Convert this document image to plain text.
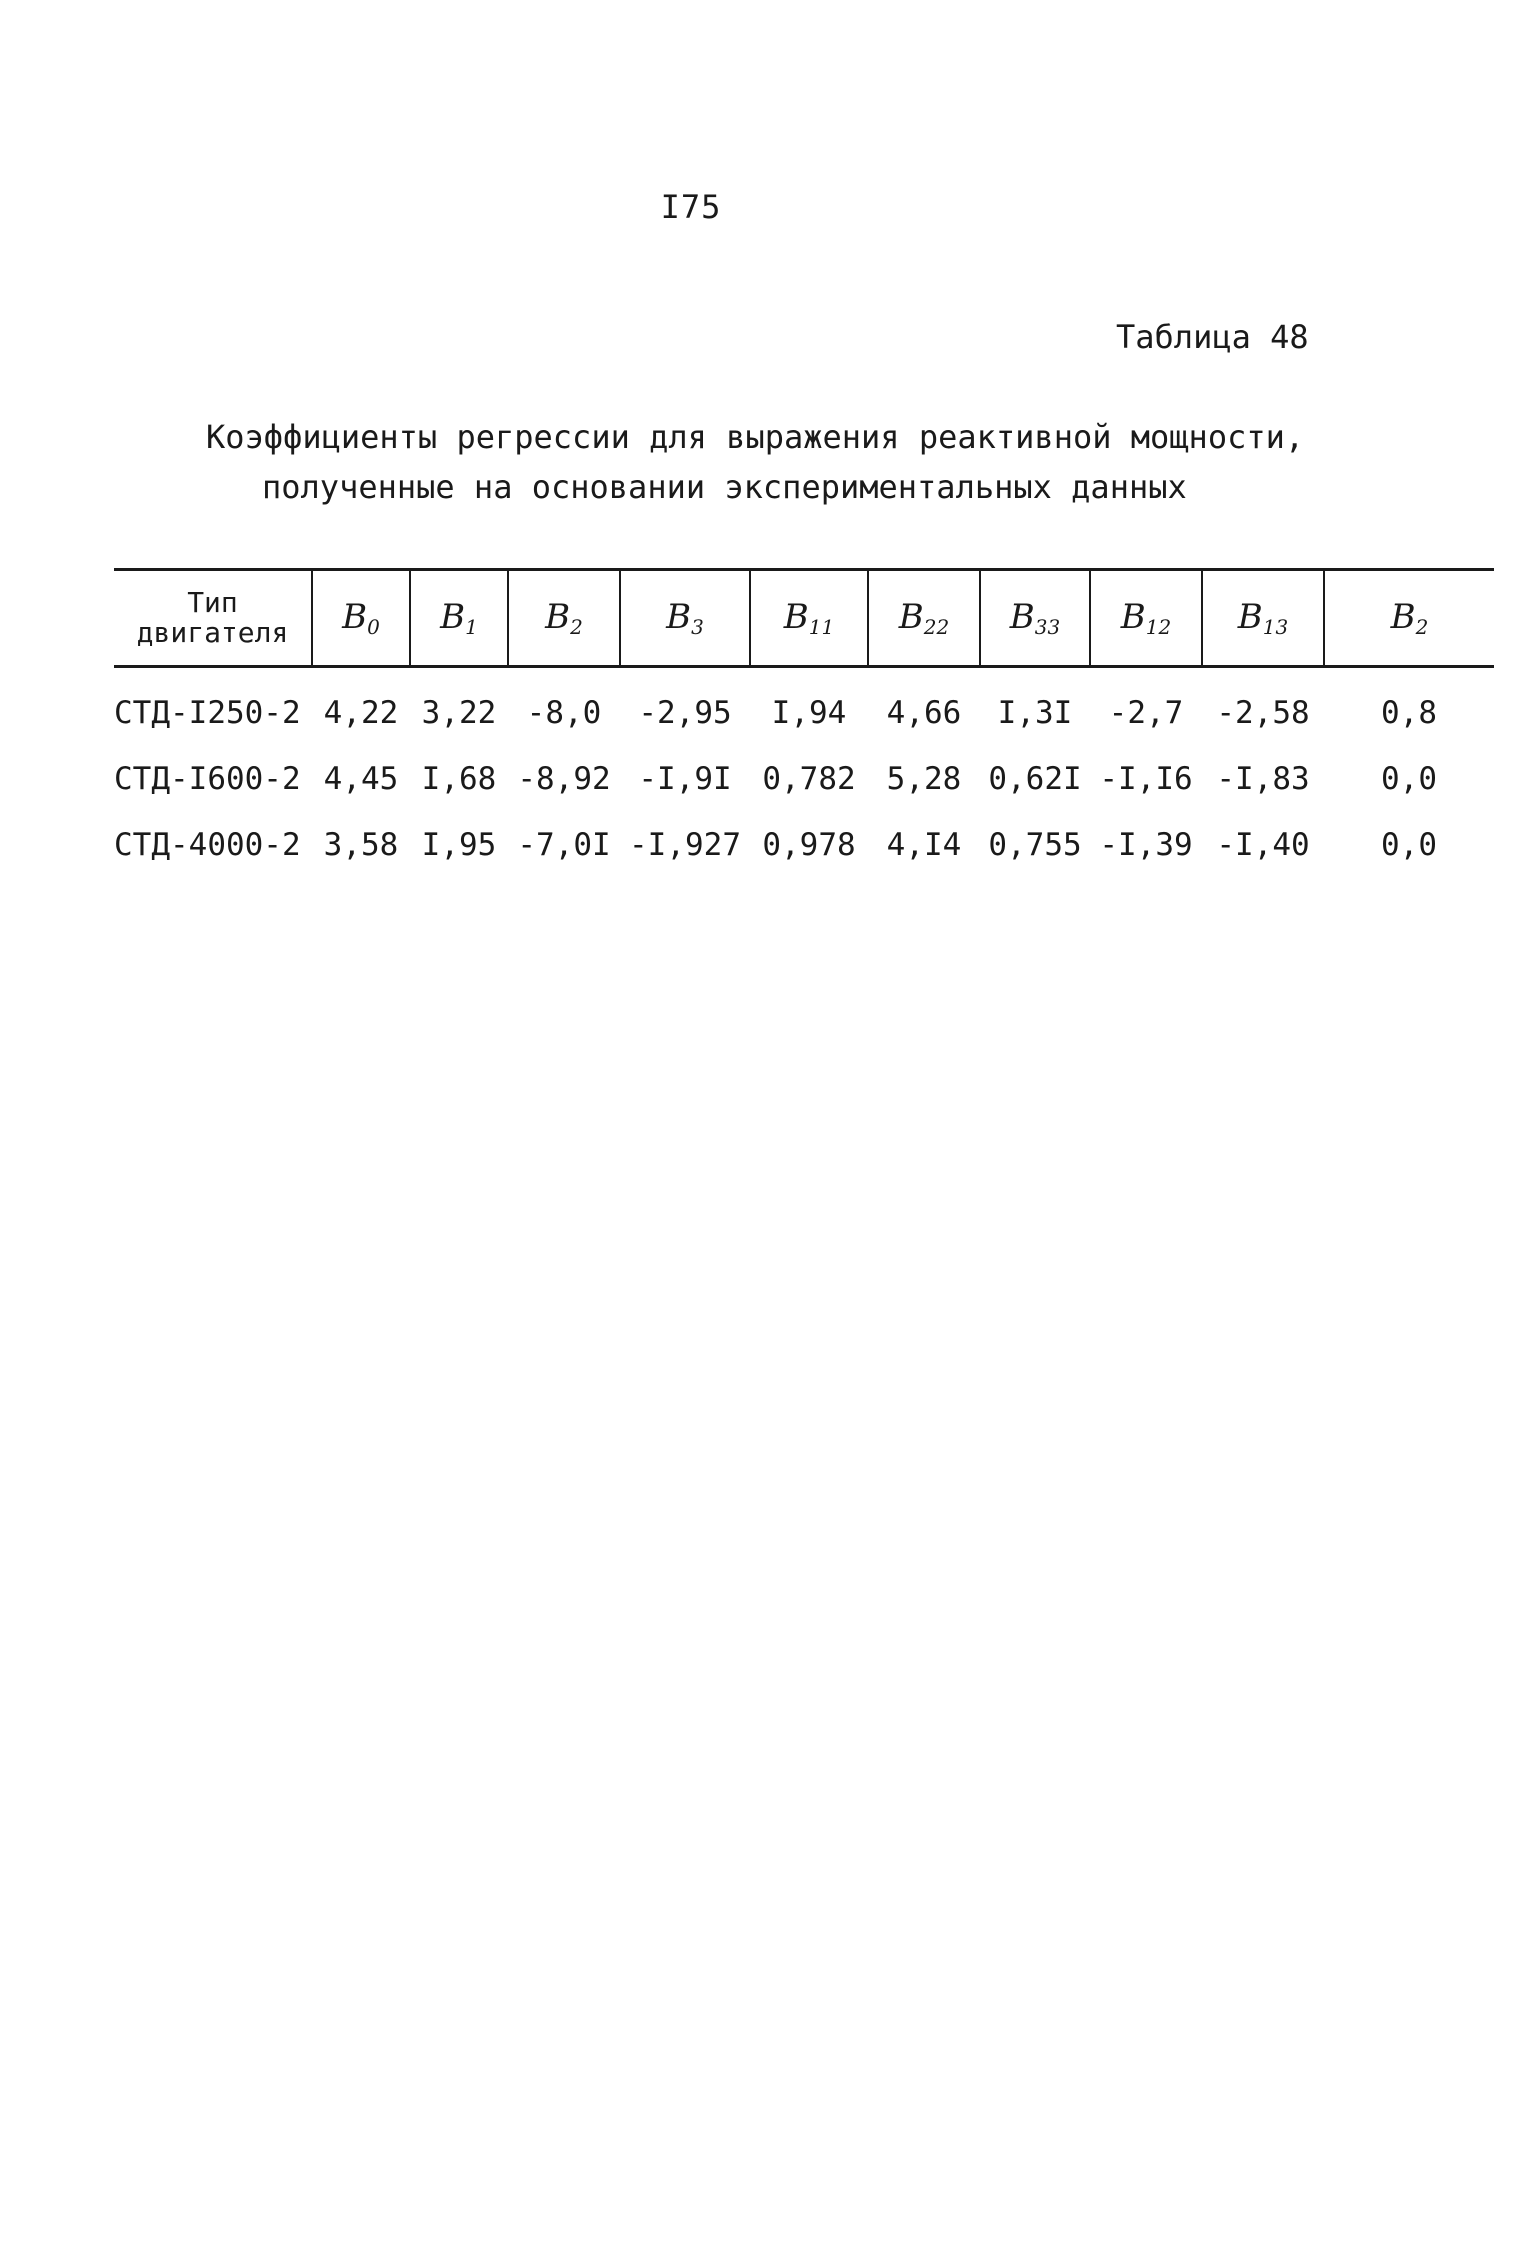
I75
Таблица 48
Коэффициенты регрессии для выражения реактивной мощности,
полученные на основании экспериментальных данных
Тип
двигателя	$B_0$	$B_1$	$B_2$	$B_3$	$B_{11}$	$B_{22}$	$B_{33}$	$B_{12}$	$B_{13}$	$B_2$
СТД-I250-2	4,22	3,22	-8,0	-2,95	I,94	4,66	I,3I	-2,7	-2,58	0,8
СТД-I600-2	4,45	I,68	-8,92	-I,9I	0,782	5,28	0,62I	-I,I6	-I,83	0,0
СТД-4000-2	3,58	I,95	-7,0I	-I,927	0,978	4,I4	0,755	-I,39	-I,40	0,0
